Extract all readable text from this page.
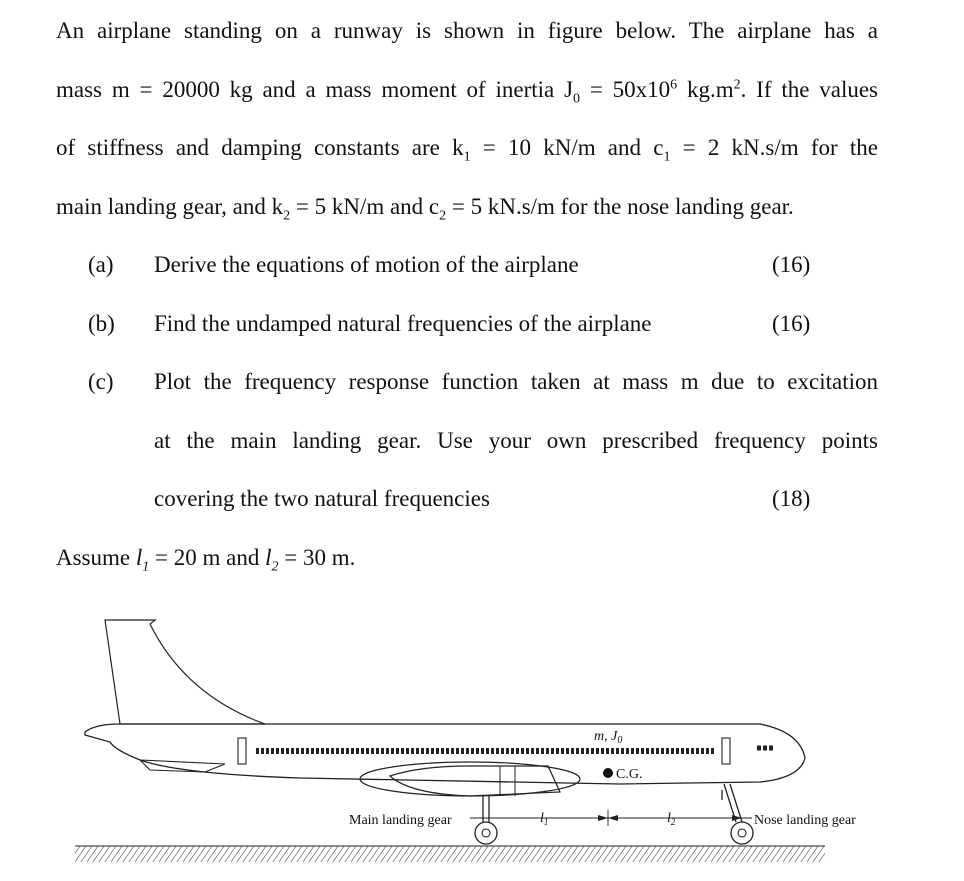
An airplane standing on a runway is shown in figure below. The airplane has a
mass m = 20000 kg and a mass moment of inertia $J_0 = 50x10^6$ $kg.m^2$. If the values
of stiffness and damping constants are $k_1 = 10$ kN/m and $c_1 = 2$ kN.s/m for the
main landing gear, and $k_2 = 5$ kN/m and $c_2 = 5$ kN.s/m for the nose landing gear.

(a) Derive the equations of motion of the airplane	(16)
(b) Find the undamped natural frequencies of the airplane	(16)
(c) Plot the frequency response function taken at mass m due to excitation
at the main landing gear. Use your own prescribed frequency points
covering the two natural frequencies	(18)
Assume $l_1 = 20$ m and $l_2 = 30$ m.
C.G.
m, $J_0$
$l_1$	$l_2$
Main landing gear	Nose landing gear
